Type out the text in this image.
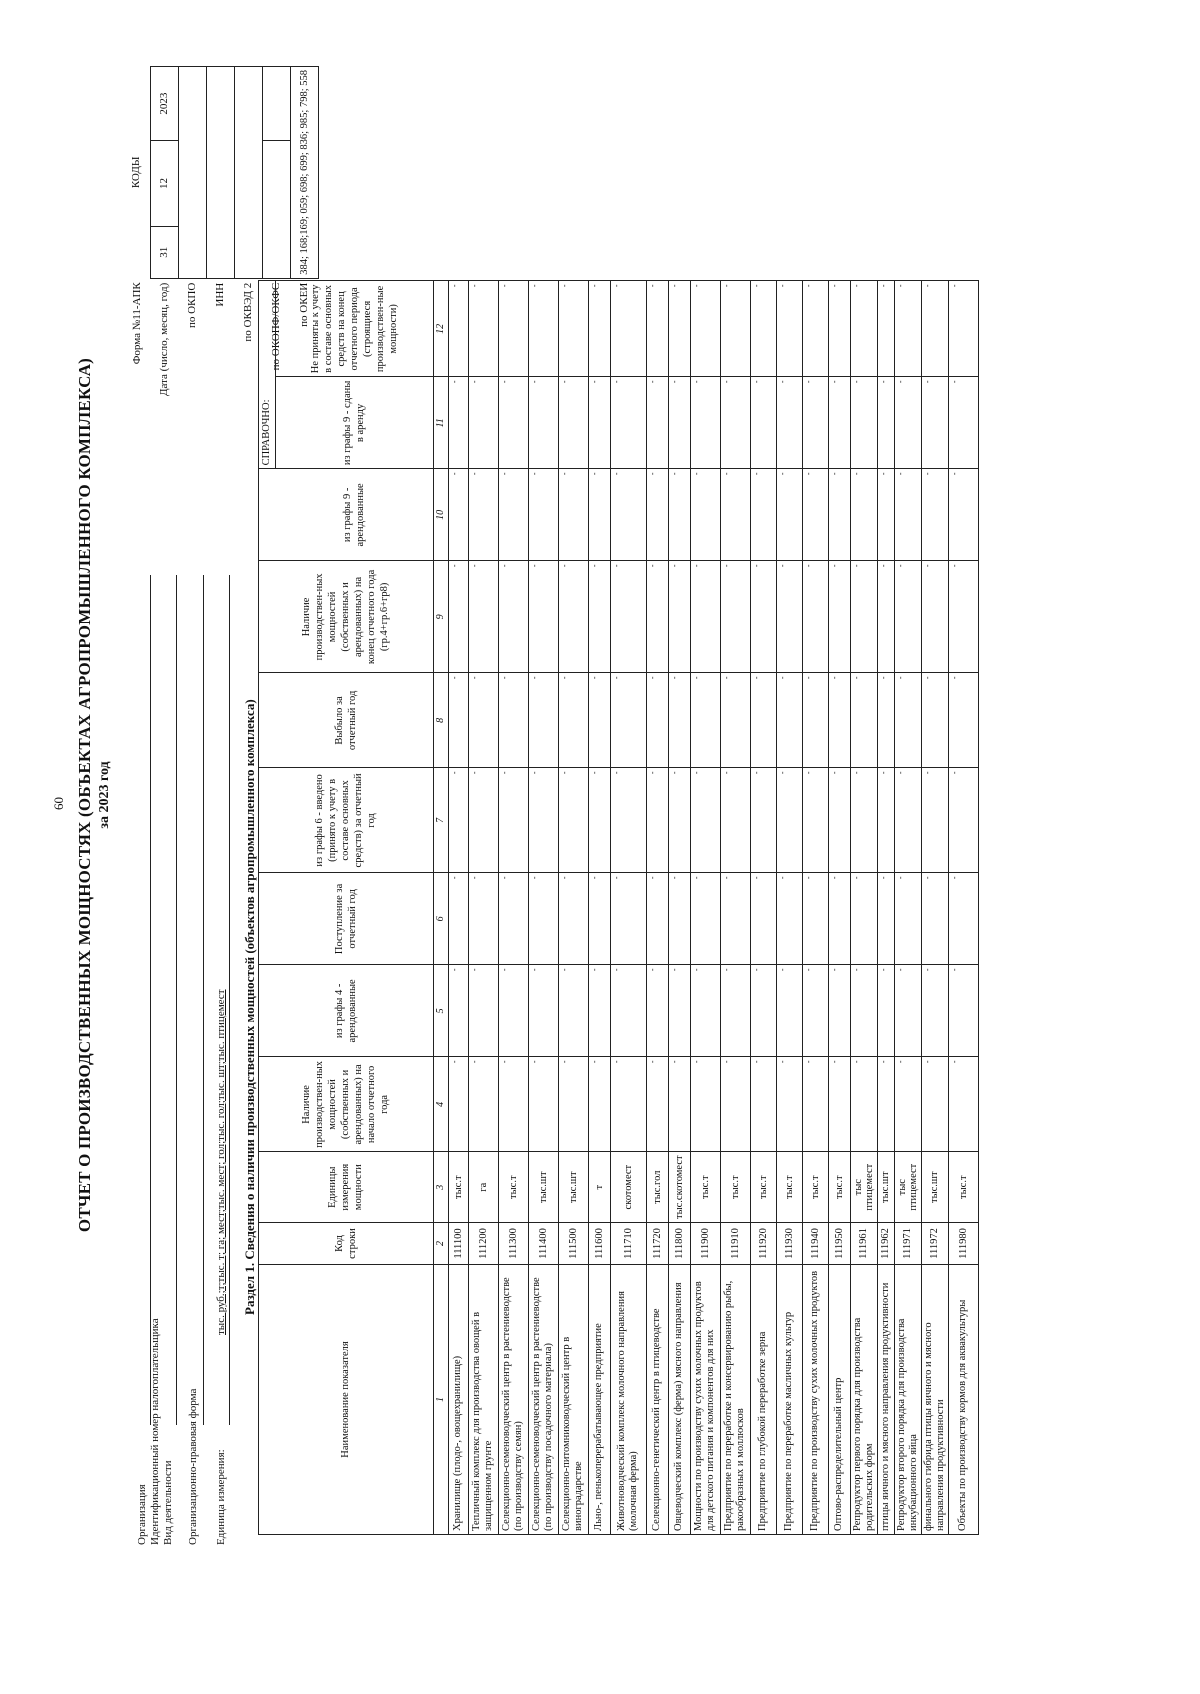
60 ОТЧЕТ О ПРОИЗВОДСТВЕННЫХ МОЩНОСТЯХ (ОБЪЕКТАХ АГРОПРОМЫШЛЕННОГО КОМПЛЕКСА) за 2023 год
Организация Идентификационный номер налогоплательщика Вид деятельности Организационно-правовая форма Единица измерения:
тыс. руб.;т;тыс. т; га; мест;тыс. мест; гол;тыс. гол;тыс. шт;тыс. птицемест
Форма №11-АПК	КОДЫ		
Дата (число, месяц, год)	31	12	2023
по ОКПО			
ИНН			
по ОКВЭД 2			
по ОКОПФ/ОКФС			
по ОКЕИ	384; 168;169; 059; 698; 699; 836; 985; 798; 558		
Раздел 1. Сведения о наличии производственных мощностей (объектов агропромышленного комплекса)
Наименование показателя	Код строки	Единицы измерения мощности	Наличие производствен-ных мощностей (собственных и арендованных) на начало отчетного года	из графы 4 - арендованные	Поступление за отчетный год	из графы 6 - введено (принято к учету в составе основных средств) за отчетный год	Выбыло за отчетный год	Наличие производствен-ных мощностей (собственных и арендованных) на конец отчетного года (гр.4+гр.6+гр8)		СПРАВОЧНО:	
									из графы 9 - арендованные	из графы 9 - сданы в аренду	Не приняты к учету в составе основных средств на конец отчетного периода (строящиеся производствен-ные мощности)
1	2	3	4	5	6	7	8	9	10	11	12
Хранилище (плодо-, овощехранилище)	111100	тыс.т	-	-	-	-	-	-	-	-	-
Тепличный комплекс для производства овощей в защищенном грунте	111200	га	-	-	-	-	-	-	-	-	-
Селекционно-семеноводческий центр в растениеводстве (по производству семян)	111300	тыс.т	-	-	-	-	-	-	-	-	-
Селекционно-семеноводческий центр в растениеводстве (по производству посадочного материала)	111400	тыс.шт	-	-	-	-	-	-	-	-	-
Селекционно-питомниководческий центр в виноградарстве	111500	тыс.шт	-	-	-	-	-	-	-	-	-
Льно-, пенькоперерабатывающее предприятие	111600	т	-	-	-	-	-	-	-	-	-
Животноводческий комплекс молочного направления (молочная ферма)	111710	скотомест	-	-	-	-	-	-	-	-	-
Селекционно-генетический центр в птицеводстве	111720	тыс.гол	-	-	-	-	-	-	-	-	-
Овцеводческий комплекс (ферма) мясного направления	111800	тыс.скотомест	-	-	-	-	-	-	-	-	-
Мощности по производству сухих молочных продуктов для детского питания и компонентов для них	111900	тыс.т	-	-	-	-	-	-	-	-	-
Предприятие по переработке и консервированию рыбы, ракообразных и моллюсков	111910	тыс.т	-	-	-	-	-	-	-	-	-
Предприятие по глубокой переработке зерна	111920	тыс.т	-	-	-	-	-	-	-	-	-
Предприятие по переработке масличных культур	111930	тыс.т	-	-	-	-	-	-	-	-	-
Предприятие по производству сухих молочных продуктов	111940	тыс.т	-	-	-	-	-	-	-	-	-
Оптово-распределительный центр	111950	тыс.т	-	-	-	-	-	-	-	-	-
Репродуктор первого порядка для производства родительских форм	111961	тыс птицемест	-	-	-	-	-	-	-	-	-
птицы яичного и мясного направления продуктивности	111962	тыс.шт	-	-	-	-	-	-	-	-	-
Репродуктор второго порядка для производства инкубационного яйца	111971	тыс птицемест	-	-	-	-	-	-	-	-	-
финального гибрида птицы яичного и мясного направления продуктивности	111972	тыс.шт	-	-	-	-	-	-	-	-	-
Объекты по производству кормов для аквакультуры	111980	тыс.т	-	-	-	-	-	-	-	-	-
